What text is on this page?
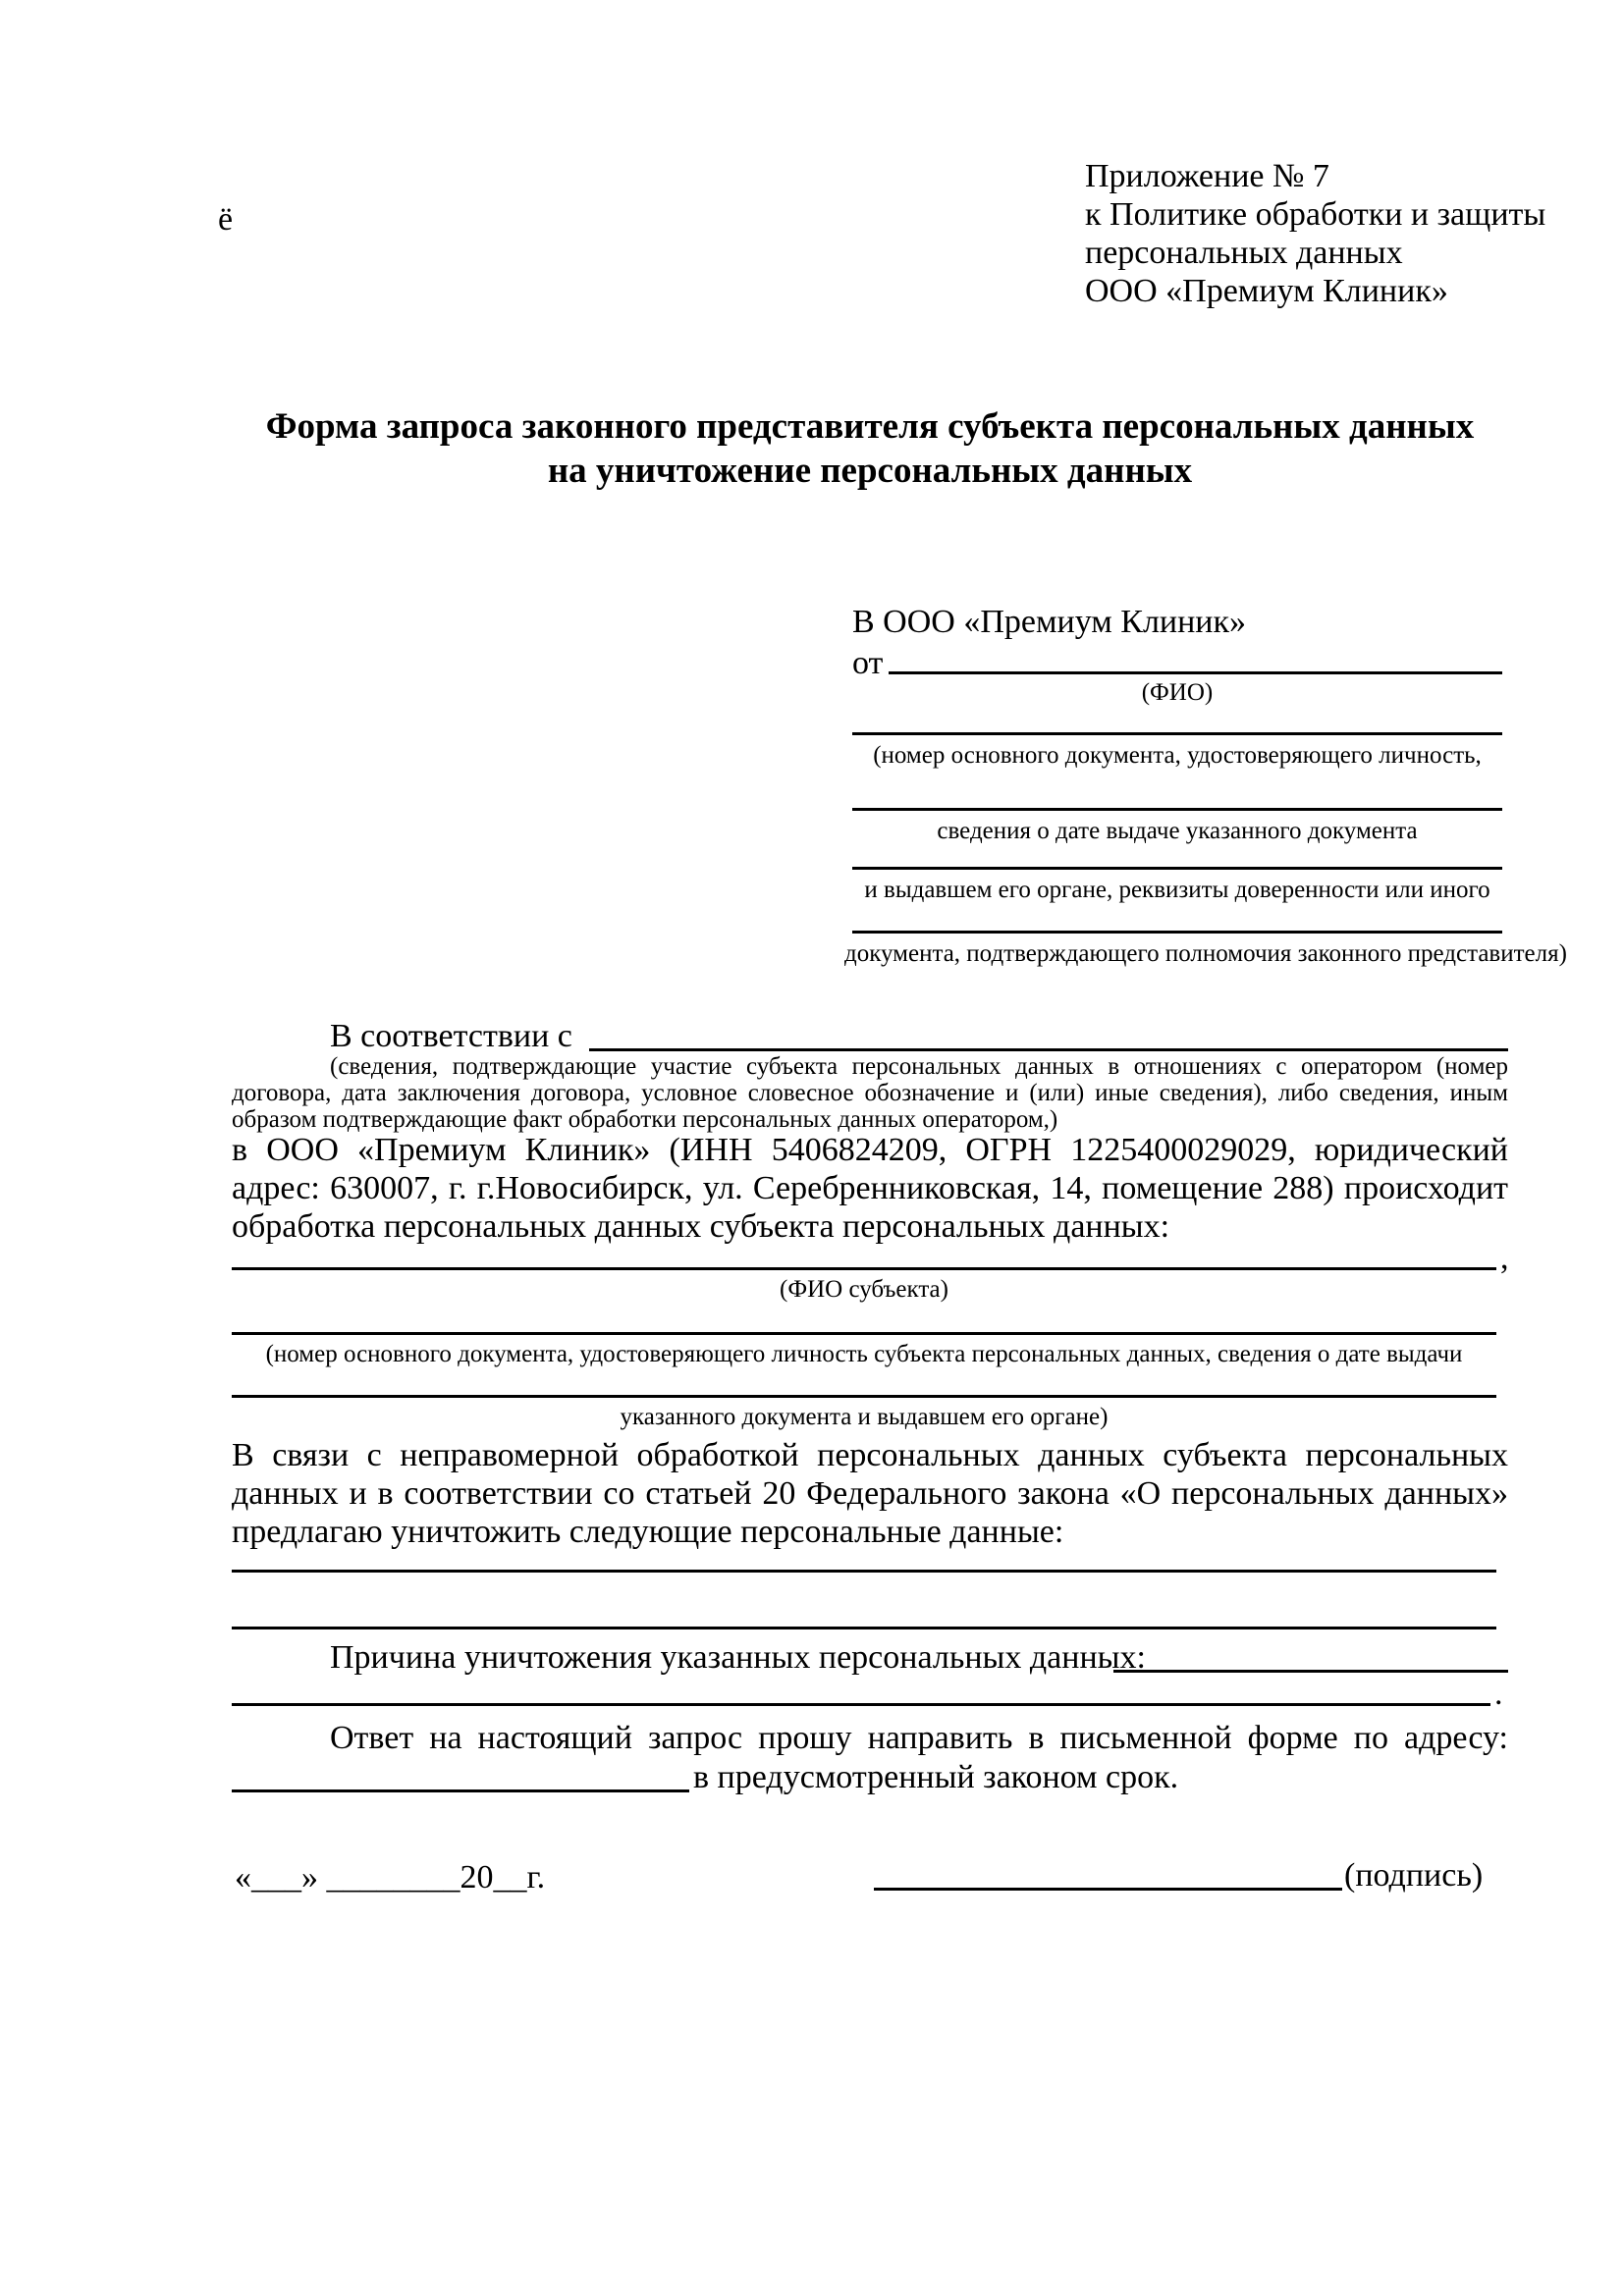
ё
Приложение № 7
к Политике обработки и защиты
персональных данных
ООО «Премиум Клиник»
Форма запроса законного представителя субъекта персональных данных
на уничтожение персональных данных
В ООО «Премиум Клиник»
от
(ФИО)
(номер основного документа, удостоверяющего личность,
сведения о дате выдаче указанного документа
и выдавшем его органе, реквизиты доверенности или иного
документа, подтверждающего полномочия законного представителя)
В соответствии с
(сведения, подтверждающие участие субъекта персональных данных в отношениях с оператором (номер договора, дата заключения договора, условное словесное обозначение и (или) иные сведения), либо сведения, иным образом подтверждающие факт обработки персональных данных оператором,)
в ООО «Премиум Клиник» (ИНН 5406824209, ОГРН 1225400029029, юридический адрес: 630007, г. г.Новосибирск, ул. Серебренниковская, 14, помещение 288) происходит обработка персональных данных субъекта персональных данных:
,
(ФИО субъекта)
(номер основного документа, удостоверяющего личность субъекта персональных данных, сведения о дате выдачи
указанного документа и выдавшем его органе)
В связи с неправомерной обработкой персональных данных субъекта персональных данных и в соответствии со статьей 20 Федерального закона «О персональных данных» предлагаю уничтожить следующие персональные данные:
Причина уничтожения указанных персональных данных:
.
Ответ на настоящий запрос прошу направить в письменной форме по адресу:
в предусмотренный законом срок.
«___» ________20__г.	(подпись)
